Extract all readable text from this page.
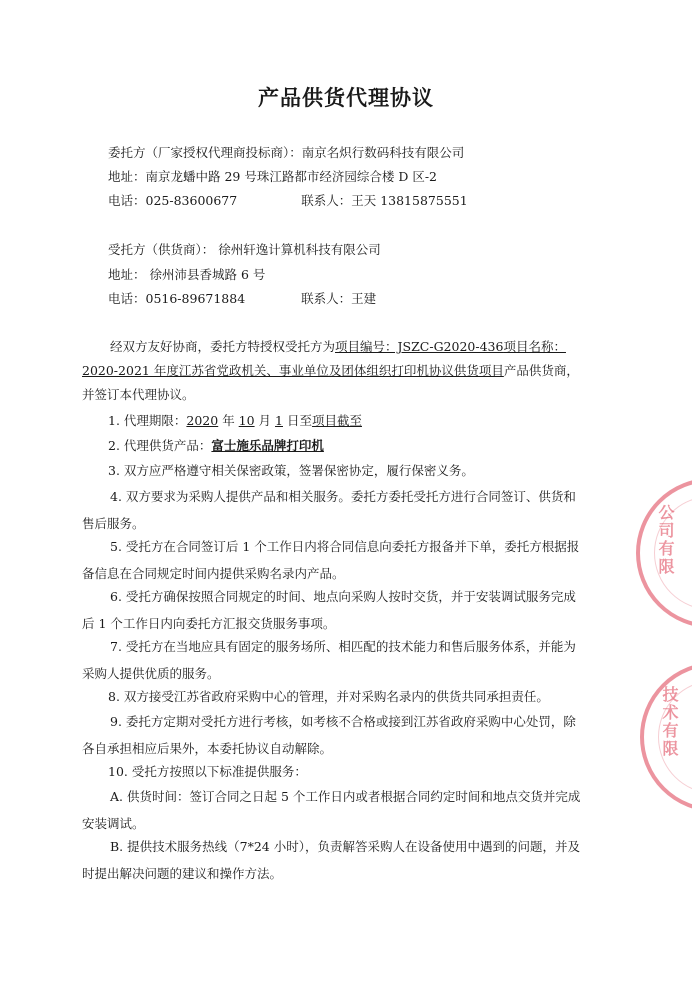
产品供货代理协议
委托方（厂家授权代理商投标商）：南京名炽行数码科技有限公司
地址：南京龙蟠中路 29 号珠江路都市经济园综合楼 D 区-2
电话：025-83600677	联系人：王天 13815875551
受托方（供货商）： 徐州轩逸计算机科技有限公司
地址： 徐州沛县香城路 6 号
电话：0516-89671884	联系人：王建
经双方友好协商，委托方特授权受托方为项目编号：JSZC-G2020-436项目名称：2020-2021 年度江苏省党政机关、事业单位及团体组织打印机协议供货项目产品供货商，并签订本代理协议。
1. 代理期限：2020 年 10 月 1 日至项目截至
2. 代理供货产品：富士施乐品牌打印机
3. 双方应严格遵守相关保密政策，签署保密协定，履行保密义务。
4. 双方要求为采购人提供产品和相关服务。委托方委托受托方进行合同签订、供货和售后服务。
5. 受托方在合同签订后 1 个工作日内将合同信息向委托方报备并下单，委托方根据报备信息在合同规定时间内提供采购名录内产品。
6. 受托方确保按照合同规定的时间、地点向采购人按时交货，并于安装调试服务完成后 1 个工作日内向委托方汇报交货服务事项。
7. 受托方在当地应具有固定的服务场所、相匹配的技术能力和售后服务体系，并能为采购人提供优质的服务。
8. 双方接受江苏省政府采购中心的管理，并对采购名录内的供货共同承担责任。
9. 委托方定期对受托方进行考核，如考核不合格或接到江苏省政府采购中心处罚，除各自承担相应后果外，本委托协议自动解除。
10. 受托方按照以下标准提供服务：
A. 供货时间：签订合同之日起 5 个工作日内或者根据合同约定时间和地点交货并完成安装调试。
B. 提供技术服务热线（7*24 小时），负责解答采购人在设备使用中遇到的问题，并及时提出解决问题的建议和操作方法。
公司有限
技术有限
